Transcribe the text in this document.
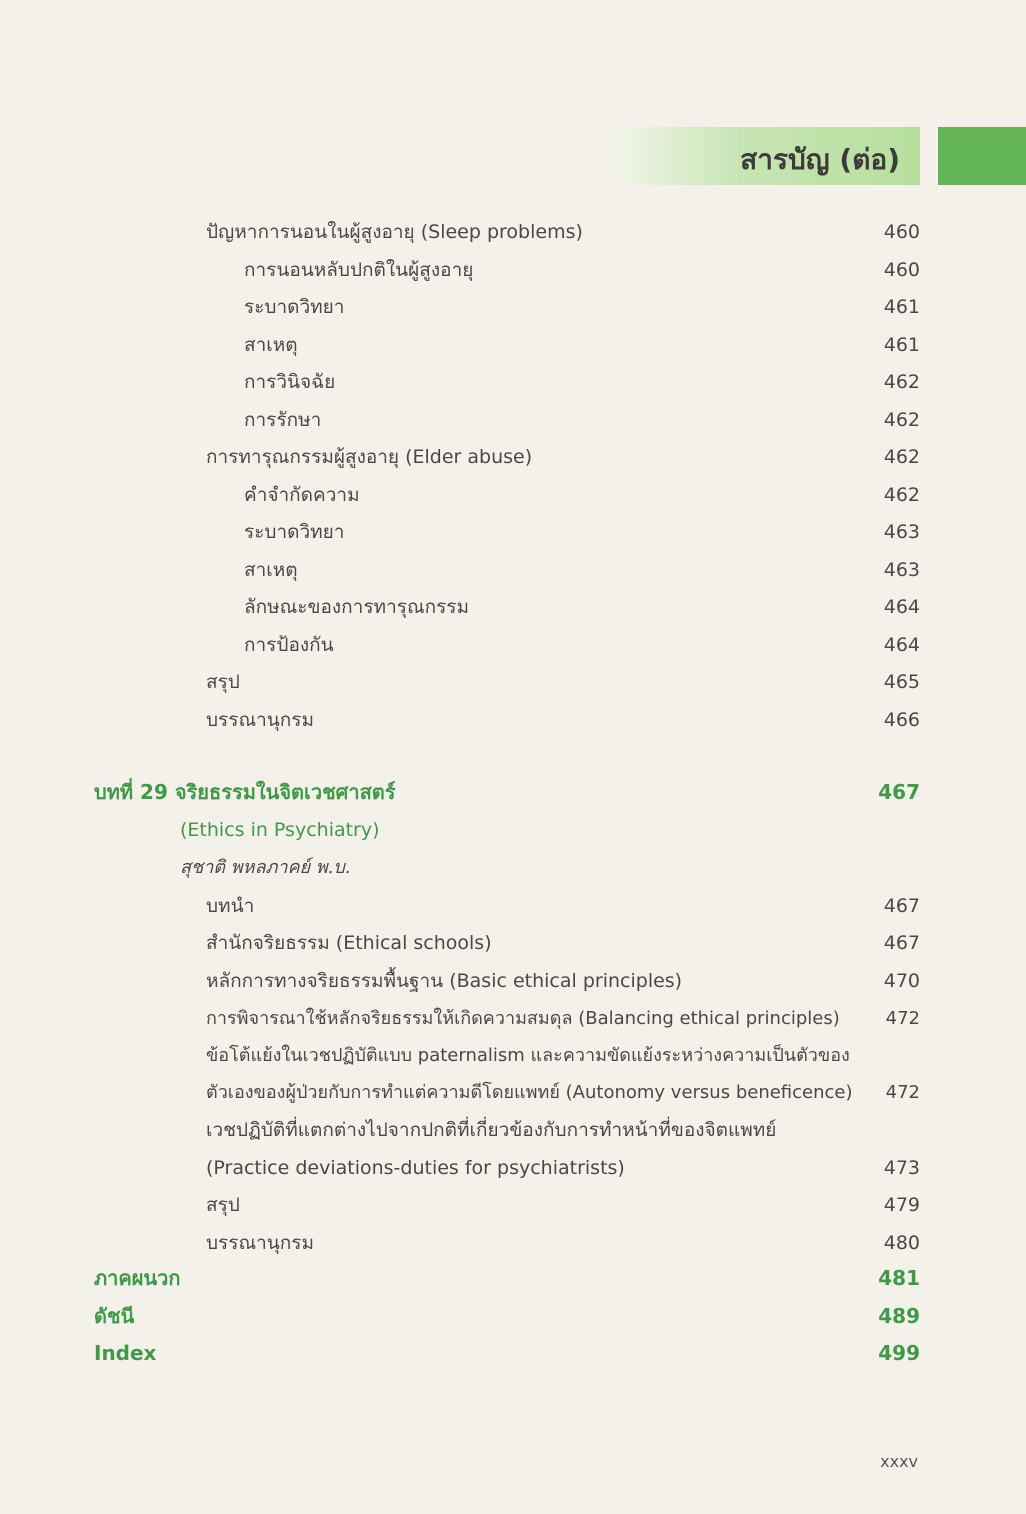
สารบัญ (ต่อ)
ปัญหาการนอนในผู้สูงอายุ (Sleep problems)	460
การนอนหลับปกติในผู้สูงอายุ	460
ระบาดวิทยา	461
สาเหตุ	461
การวินิจฉัย	462
การรักษา	462
การทารุณกรรมผู้สูงอายุ (Elder abuse)	462
คำจำกัดความ	462
ระบาดวิทยา	463
สาเหตุ	463
ลักษณะของการทารุณกรรม	464
การป้องกัน	464
สรุป	465
บรรณานุกรม	466
บทที่ 29 จริยธรรมในจิตเวชศาสตร์	467
(Ethics in Psychiatry)
สุชาติ พหลภาคย์ พ.บ.
บทนำ	467
สำนักจริยธรรม (Ethical schools)	467
หลักการทางจริยธรรมพื้นฐาน (Basic ethical principles)	470
การพิจารณาใช้หลักจริยธรรมให้เกิดความสมดุล (Balancing ethical principles)	472
ข้อโต้แย้งในเวชปฏิบัติแบบ paternalism และความขัดแย้งระหว่างความเป็นตัวของ
ตัวเองของผู้ป่วยกับการทำแต่ความดีโดยแพทย์ (Autonomy versus beneficence) 472
เวชปฏิบัติที่แตกต่างไปจากปกติที่เกี่ยวข้องกับการทำหน้าที่ของจิตแพทย์
(Practice deviations-duties for psychiatrists)	473
สรุป	479
บรรณานุกรม	480
ภาคผนวก	481
ดัชนี	489
Index	499
xxxv
